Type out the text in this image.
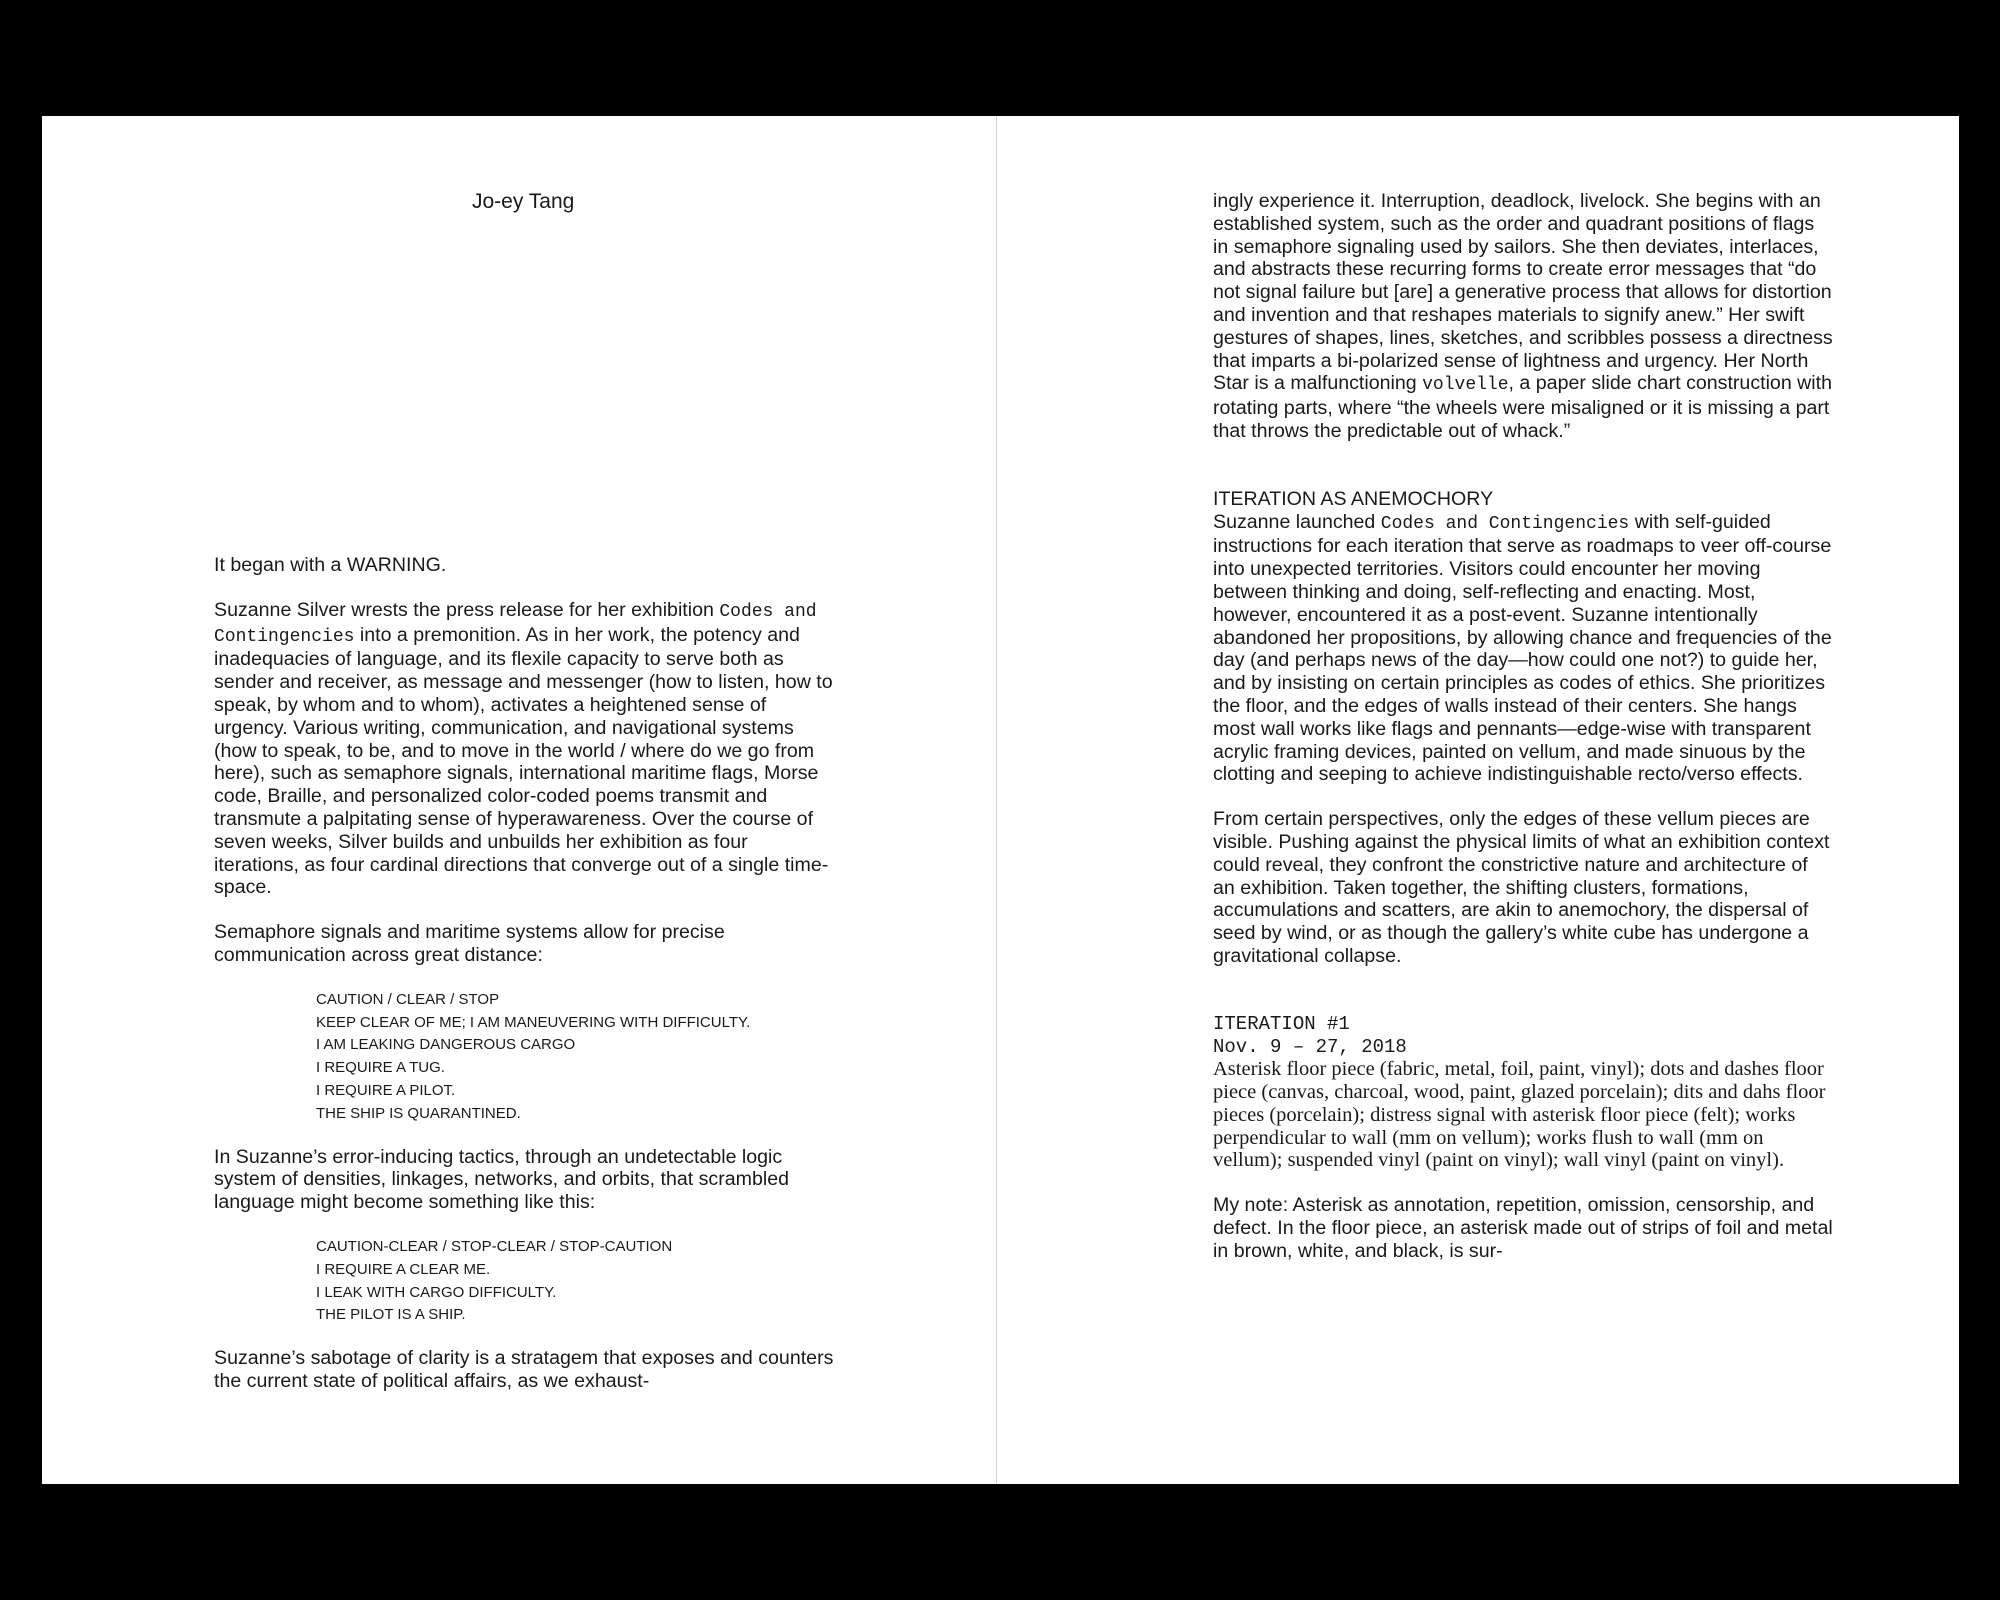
Jo-ey Tang

It began with a WARNING.

Suzanne Silver wrests the press release for her exhibition Codes and Contingencies into a premonition. As in her work, the potency and inadequacies of language, and its flexile capacity to serve both as sender and receiver, as message and messenger (how to listen, how to speak, by whom and to whom), activates a heightened sense of urgency. Various writing, communication, and navigational systems (how to speak, to be, and to move in the world / where do we go from here), such as semaphore signals, international maritime flags, Morse code, Braille, and personalized color-coded poems transmit and transmute a palpitating sense of hyperawareness. Over the course of seven weeks, Silver builds and unbuilds her exhibition as four iterations, as four cardinal directions that converge out of a single time-space.

Semaphore signals and maritime systems allow for precise communication across great distance:

CAUTION / CLEAR / STOP
KEEP CLEAR OF ME; I AM MANEUVERING WITH DIFFICULTY.
I AM LEAKING DANGEROUS CARGO
I REQUIRE A TUG.
I REQUIRE A PILOT.
THE SHIP IS QUARANTINED.

In Suzanne’s error-inducing tactics, through an undetectable logic system of densities, linkages, networks, and orbits, that scrambled language might become something like this:

CAUTION-CLEAR / STOP-CLEAR / STOP-CAUTION
I REQUIRE A CLEAR ME.
I LEAK WITH CARGO DIFFICULTY.
THE PILOT IS A SHIP.

Suzanne’s sabotage of clarity is a stratagem that exposes and counters the current state of political affairs, as we exhaust-

ingly experience it. Interruption, deadlock, livelock. She begins with an established system, such as the order and quadrant positions of flags in semaphore signaling used by sailors. She then deviates, interlaces, and abstracts these recurring forms to create error messages that “do not signal failure but [are] a generative process that allows for distortion and invention and that reshapes materials to signify anew.” Her swift gestures of shapes, lines, sketches, and scribbles possess a directness that imparts a bi-polarized sense of lightness and urgency. Her North Star is a malfunctioning volvelle, a paper slide chart construction with rotating parts, where “the wheels were misaligned or it is missing a part that throws the predictable out of whack.”

ITERATION AS ANEMOCHORY

Suzanne launched Codes and Contingencies with self-guided instructions for each iteration that serve as roadmaps to veer off-course into unexpected territories. Visitors could encounter her moving between thinking and doing, self-reflecting and enacting. Most, however, encountered it as a post-event. Suzanne intentionally abandoned her propositions, by allowing chance and frequencies of the day (and perhaps news of the day—how could one not?) to guide her, and by insisting on certain principles as codes of ethics. She prioritizes the floor, and the edges of walls instead of their centers. She hangs most wall works like flags and pennants—edge-wise with transparent acrylic framing devices, painted on vellum, and made sinuous by the clotting and seeping to achieve indistinguishable recto/verso effects.

From certain perspectives, only the edges of these vellum pieces are visible. Pushing against the physical limits of what an exhibition context could reveal, they confront the constrictive nature and architecture of an exhibition. Taken together, the shifting clusters, formations, accumulations and scatters, are akin to anemochory, the dispersal of seed by wind, or as though the gallery’s white cube has undergone a gravitational collapse.

ITERATION #1

Nov. 9 – 27, 2018

Asterisk floor piece (fabric, metal, foil, paint, vinyl); dots and dashes floor piece (canvas, charcoal, wood, paint, glazed porcelain); dits and dahs floor pieces (porcelain); distress signal with asterisk floor piece (felt); works perpendicular to wall (mm on vellum); works flush to wall (mm on vellum); suspended vinyl (paint on vinyl); wall vinyl (paint on vinyl).

My note: Asterisk as annotation, repetition, omission, censorship, and defect. In the floor piece, an asterisk made out of strips of foil and metal in brown, white, and black, is sur-
